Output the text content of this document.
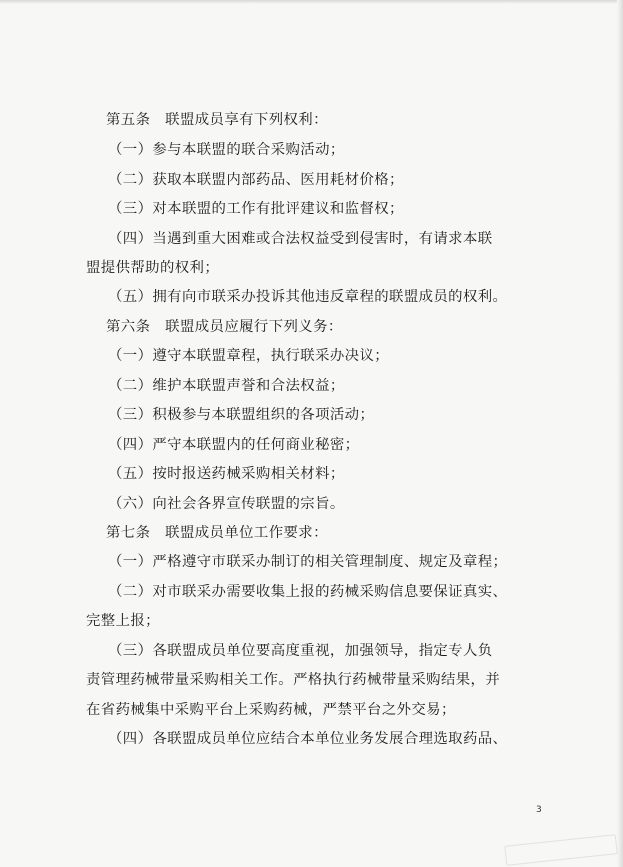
第五条　联盟成员享有下列权利：
（一）参与本联盟的联合采购活动；
（二）获取本联盟内部药品、医用耗材价格；
（三）对本联盟的工作有批评建议和监督权；
（四）当遇到重大困难或合法权益受到侵害时，有请求本联
盟提供帮助的权利；
（五）拥有向市联采办投诉其他违反章程的联盟成员的权利。
第六条　联盟成员应履行下列义务：
（一）遵守本联盟章程，执行联采办决议；
（二）维护本联盟声誉和合法权益；
（三）积极参与本联盟组织的各项活动；
（四）严守本联盟内的任何商业秘密；
（五）按时报送药械采购相关材料；
（六）向社会各界宣传联盟的宗旨。
第七条　联盟成员单位工作要求：
（一）严格遵守市联采办制订的相关管理制度、规定及章程；
（二）对市联采办需要收集上报的药械采购信息要保证真实、
完整上报；
（三）各联盟成员单位要高度重视，加强领导，指定专人负
责管理药械带量采购相关工作。严格执行药械带量采购结果，并
在省药械集中采购平台上采购药械，严禁平台之外交易；
（四）各联盟成员单位应结合本单位业务发展合理选取药品、
3
